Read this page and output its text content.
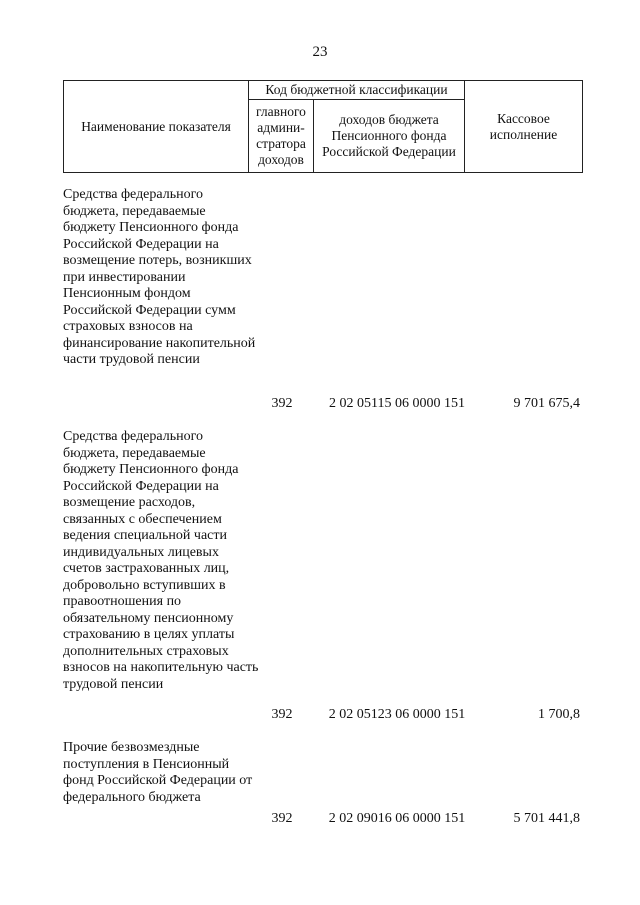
23
Наименование показателя	Код бюджетной классификации		Кассовое исполнение
	главного админи-стратора доходов	доходов бюджета Пенсионного фонда Российской Федерации	
Средства федерального бюджета, передаваемые бюджету Пенсионного фонда Российской Федерации на возмещение потерь, возникших при инвестировании Пенсионным фондом Российской Федерации сумм страховых взносов на финансирование накопительной части трудовой пенсии
392	2 02 05115 06 0000 151	9 701 675,4
Средства федерального бюджета, передаваемые бюджету Пенсионного фонда Российской Федерации на возмещение расходов, связанных с обеспечением ведения специальной части индивидуальных лицевых счетов застрахованных лиц, добровольно вступивших в правоотношения по обязательному пенсионному страхованию в целях уплаты дополнительных страховых взносов на накопительную часть трудовой пенсии
392	2 02 05123 06 0000 151	1 700,8
Прочие безвозмездные поступления в Пенсионный фонд Российской Федерации от федерального бюджета
392	2 02 09016 06 0000 151	5 701 441,8
